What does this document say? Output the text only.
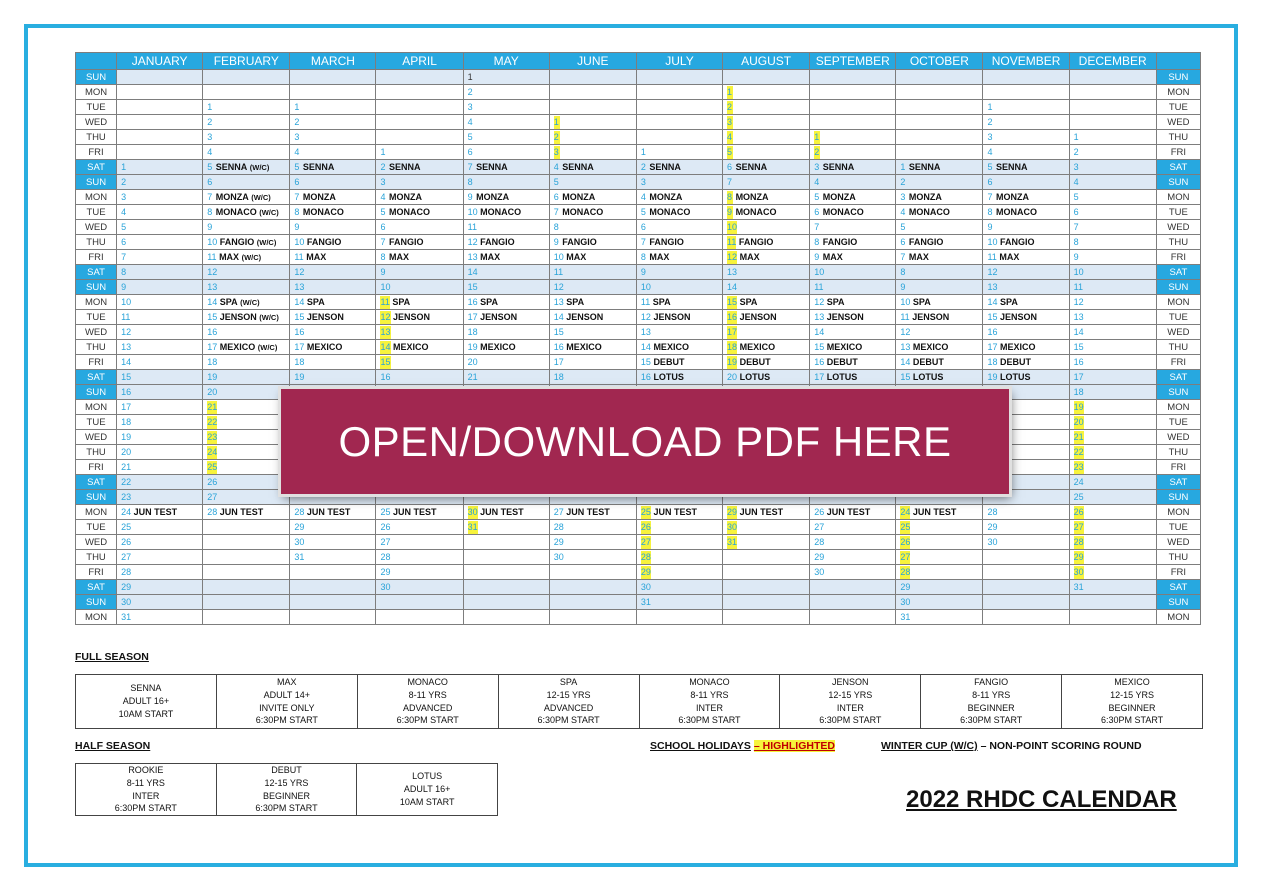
	JANUARY	FEBRUARY	MARCH	APRIL	MAY	JUNE	JULY	AUGUST	SEPTEMBER	OCTOBER	NOVEMBER	DECEMBER	
SUN					1								SUN
MON					2			1					MON
TUE		1	1		3			2			1		TUE
WED		2	2		4	1		3			2		WED
THU		3	3		5	2		4	1		3	1	THU
FRI		4	4	1	6	3	1	5	2		4	2	FRI
SAT	1	5 SENNA (W/C)	5 SENNA	2 SENNA	7 SENNA	4 SENNA	2 SENNA	6 SENNA	3 SENNA	1 SENNA	5 SENNA	3	SAT
SUN	2	6	6	3	8	5	3	7	4	2	6	4	SUN
MON	3	7 MONZA (W/C)	7 MONZA	4 MONZA	9 MONZA	6 MONZA	4 MONZA	8 MONZA	5 MONZA	3 MONZA	7 MONZA	5	MON
TUE	4	8 MONACO (W/C)	8 MONACO	5 MONACO	10 MONACO	7 MONACO	5 MONACO	9 MONACO	6 MONACO	4 MONACO	8 MONACO	6	TUE
WED	5	9	9	6	11	8	6	10	7	5	9	7	WED
THU	6	10 FANGIO (W/C)	10 FANGIO	7 FANGIO	12 FANGIO	9 FANGIO	7 FANGIO	11 FANGIO	8 FANGIO	6 FANGIO	10 FANGIO	8	THU
FRI	7	11 MAX (W/C)	11 MAX	8 MAX	13 MAX	10 MAX	8 MAX	12 MAX	9 MAX	7 MAX	11 MAX	9	FRI
SAT	8	12	12	9	14	11	9	13	10	8	12	10	SAT
SUN	9	13	13	10	15	12	10	14	11	9	13	11	SUN
MON	10	14 SPA (W/C)	14 SPA	11 SPA	16 SPA	13 SPA	11 SPA	15 SPA	12 SPA	10 SPA	14 SPA	12	MON
TUE	11	15 JENSON (W/C)	15 JENSON	12 JENSON	17 JENSON	14 JENSON	12 JENSON	16 JENSON	13 JENSON	11 JENSON	15 JENSON	13	TUE
WED	12	16	16	13	18	15	13	17	14	12	16	14	WED
THU	13	17 MEXICO (W/C)	17 MEXICO	14 MEXICO	19 MEXICO	16 MEXICO	14 MEXICO	18 MEXICO	15 MEXICO	13 MEXICO	17 MEXICO	15	THU
FRI	14	18	18	15	20	17	15 DEBUT	19 DEBUT	16 DEBUT	14 DEBUT	18 DEBUT	16	FRI
SAT	15	19	19	16	21	18	16 LOTUS	20 LOTUS	17 LOTUS	15 LOTUS	19 LOTUS	17	SAT
SUN	16	20										18	SUN
MON	17	21										19	MON
TUE	18	22										20	TUE
WED	19	23										21	WED
THU	20	24										22	THU
FRI	21	25										23	FRI
SAT	22	26										24	SAT
SUN	23	27										25	SUN
MON	24 JUN TEST	28 JUN TEST	28 JUN TEST	25 JUN TEST	30 JUN TEST	27 JUN TEST	25 JUN TEST	29 JUN TEST	26 JUN TEST	24 JUN TEST	28	26	MON
TUE	25		29	26	31	28	26	30	27	25	29	27	TUE
WED	26		30	27		29	27	31	28	26	30	28	WED
THU	27		31	28		30	28		29	27		29	THU
FRI	28			29			29		30	28		30	FRI
SAT	29			30			30			29		31	SAT
SUN	30						31			30			SUN
MON	31									31			MON
FULL SEASON
SENNA
ADULT 16+
10AM START

MAX
ADULT 14+
INVITE ONLY
6:30PM START

MONACO
8-11 YRS
ADVANCED
6:30PM START

SPA
12-15 YRS
ADVANCED
6:30PM START

MONACO
8-11 YRS
INTER
6:30PM START

JENSON
12-15 YRS
INTER
6:30PM START

FANGIO
8-11 YRS
BEGINNER
6:30PM START

MEXICO
12-15 YRS
BEGINNER
6:30PM START
HALF SEASON
ROOKIE
8-11 YRS
INTER
6:30PM START

DEBUT
12-15 YRS
BEGINNER
6:30PM START

LOTUS
ADULT 16+
10AM START
SCHOOL HOLIDAYS – HIGHLIGHTED	WINTER CUP (W/C) – NON-POINT SCORING ROUND
2022 RHDC CALENDAR
OPEN/DOWNLOAD PDF HERE
